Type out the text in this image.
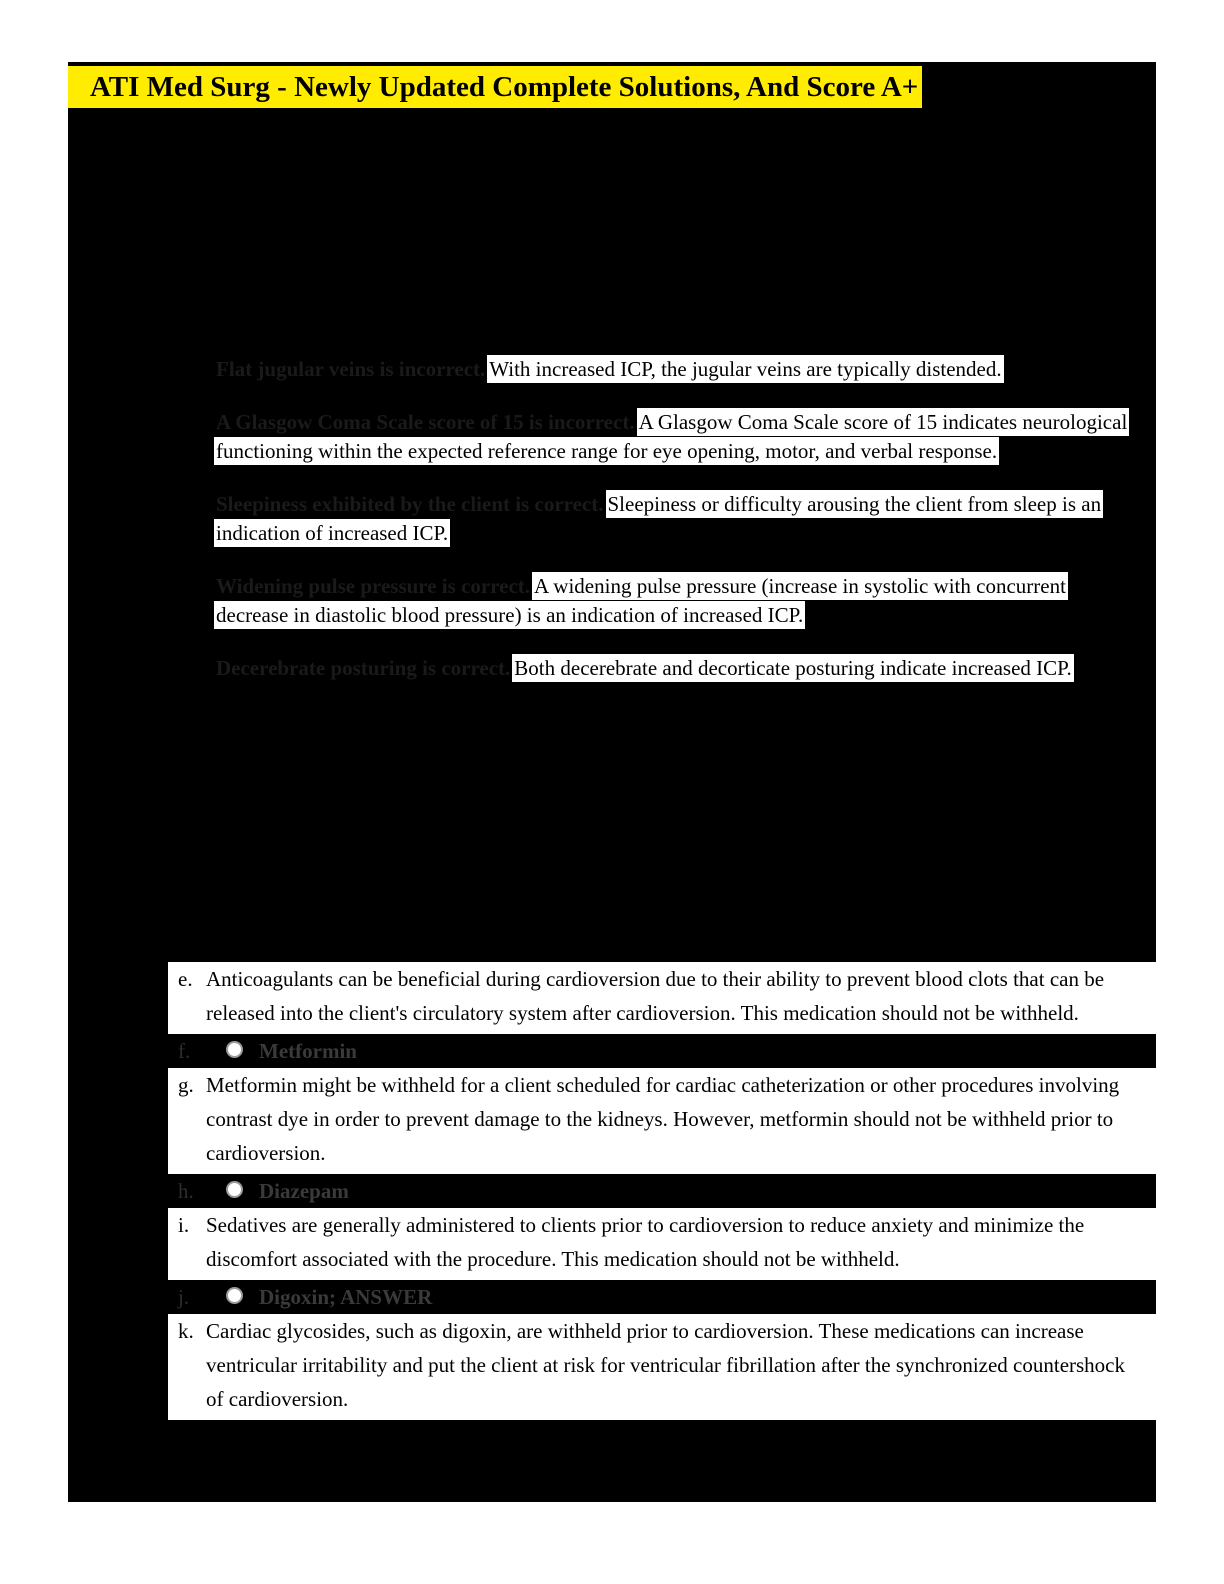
ATI Med Surg - Newly Updated Complete Solutions, And Score A+

Flat jugular veins is incorrect. With increased ICP, the jugular veins are typically distended.

A Glasgow Coma Scale score of 15 is incorrect. A Glasgow Coma Scale score of 15 indicates neurological functioning within the expected reference range for eye opening, motor, and verbal response.

Sleepiness exhibited by the client is correct. Sleepiness or difficulty arousing the client from sleep is an indication of increased ICP.

Widening pulse pressure is correct. A widening pulse pressure (increase in systolic with concurrent decrease in diastolic blood pressure) is an indication of increased ICP.

Decerebrate posturing is correct. Both decerebrate and decorticate posturing indicate increased ICP.

e. Anticoagulants can be beneficial during cardioversion due to their ability to prevent blood clots that can be released into the client's circulatory system after cardioversion. This medication should not be withheld.
f.	Metformin
g. Metformin might be withheld for a client scheduled for cardiac catheterization or other procedures involving contrast dye in order to prevent damage to the kidneys. However, metformin should not be withheld prior to cardioversion.
h.	Diazepam
i. Sedatives are generally administered to clients prior to cardioversion to reduce anxiety and minimize the discomfort associated with the procedure. This medication should not be withheld.
j.	Digoxin; ANSWER
k. Cardiac glycosides, such as digoxin, are withheld prior to cardioversion. These medications can increase ventricular irritability and put the client at risk for ventricular fibrillation after the synchronized countershock of cardioversion.
